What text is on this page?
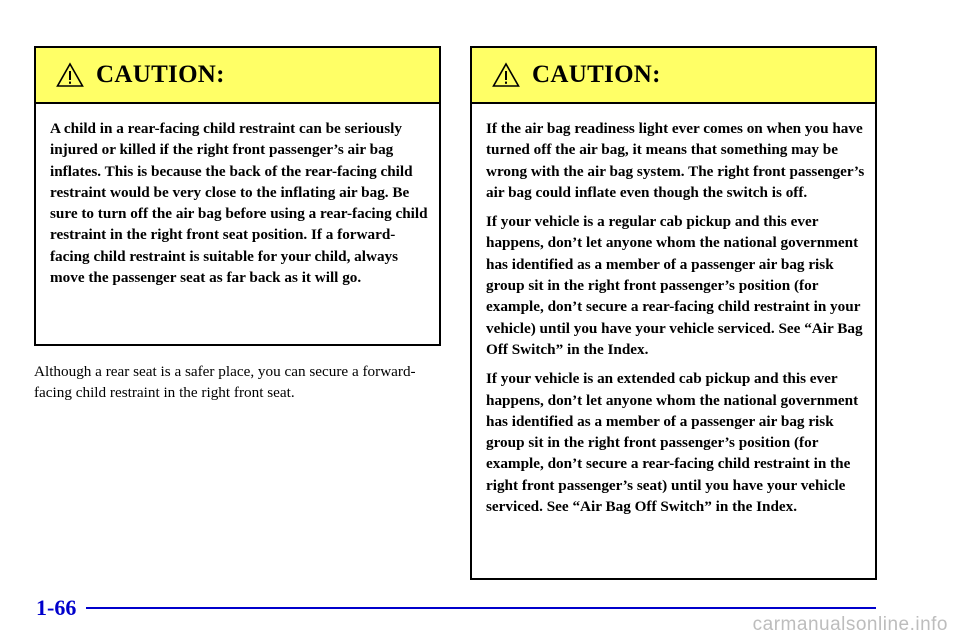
CAUTION:

A child in a rear-facing child restraint can be seriously injured or killed if the right front passenger’s air bag inflates. This is because the back of the rear-facing child restraint would be very close to the inflating air bag. Be sure to turn off the air bag before using a rear-facing child restraint in the right front seat position. If a forward-facing child restraint is suitable for your child, always move the passenger seat as far back as it will go.

Although a rear seat is a safer place, you can secure a forward-facing child restraint in the right front seat.

CAUTION:

If the air bag readiness light ever comes on when you have turned off the air bag, it means that something may be wrong with the air bag system. The right front passenger’s air bag could inflate even though the switch is off.

If your vehicle is a regular cab pickup and this ever happens, don’t let anyone whom the national government has identified as a member of a passenger air bag risk group sit in the right front passenger’s position (for example, don’t secure a rear-facing child restraint in your vehicle) until you have your vehicle serviced. See “Air Bag Off Switch” in the Index.

If your vehicle is an extended cab pickup and this ever happens, don’t let anyone whom the national government has identified as a member of a passenger air bag risk group sit in the right front passenger’s position (for example, don’t secure a rear-facing child restraint in the right front passenger’s seat) until you have your vehicle serviced. See “Air Bag Off Switch” in the Index.

1-66
carmanualsonline.info
